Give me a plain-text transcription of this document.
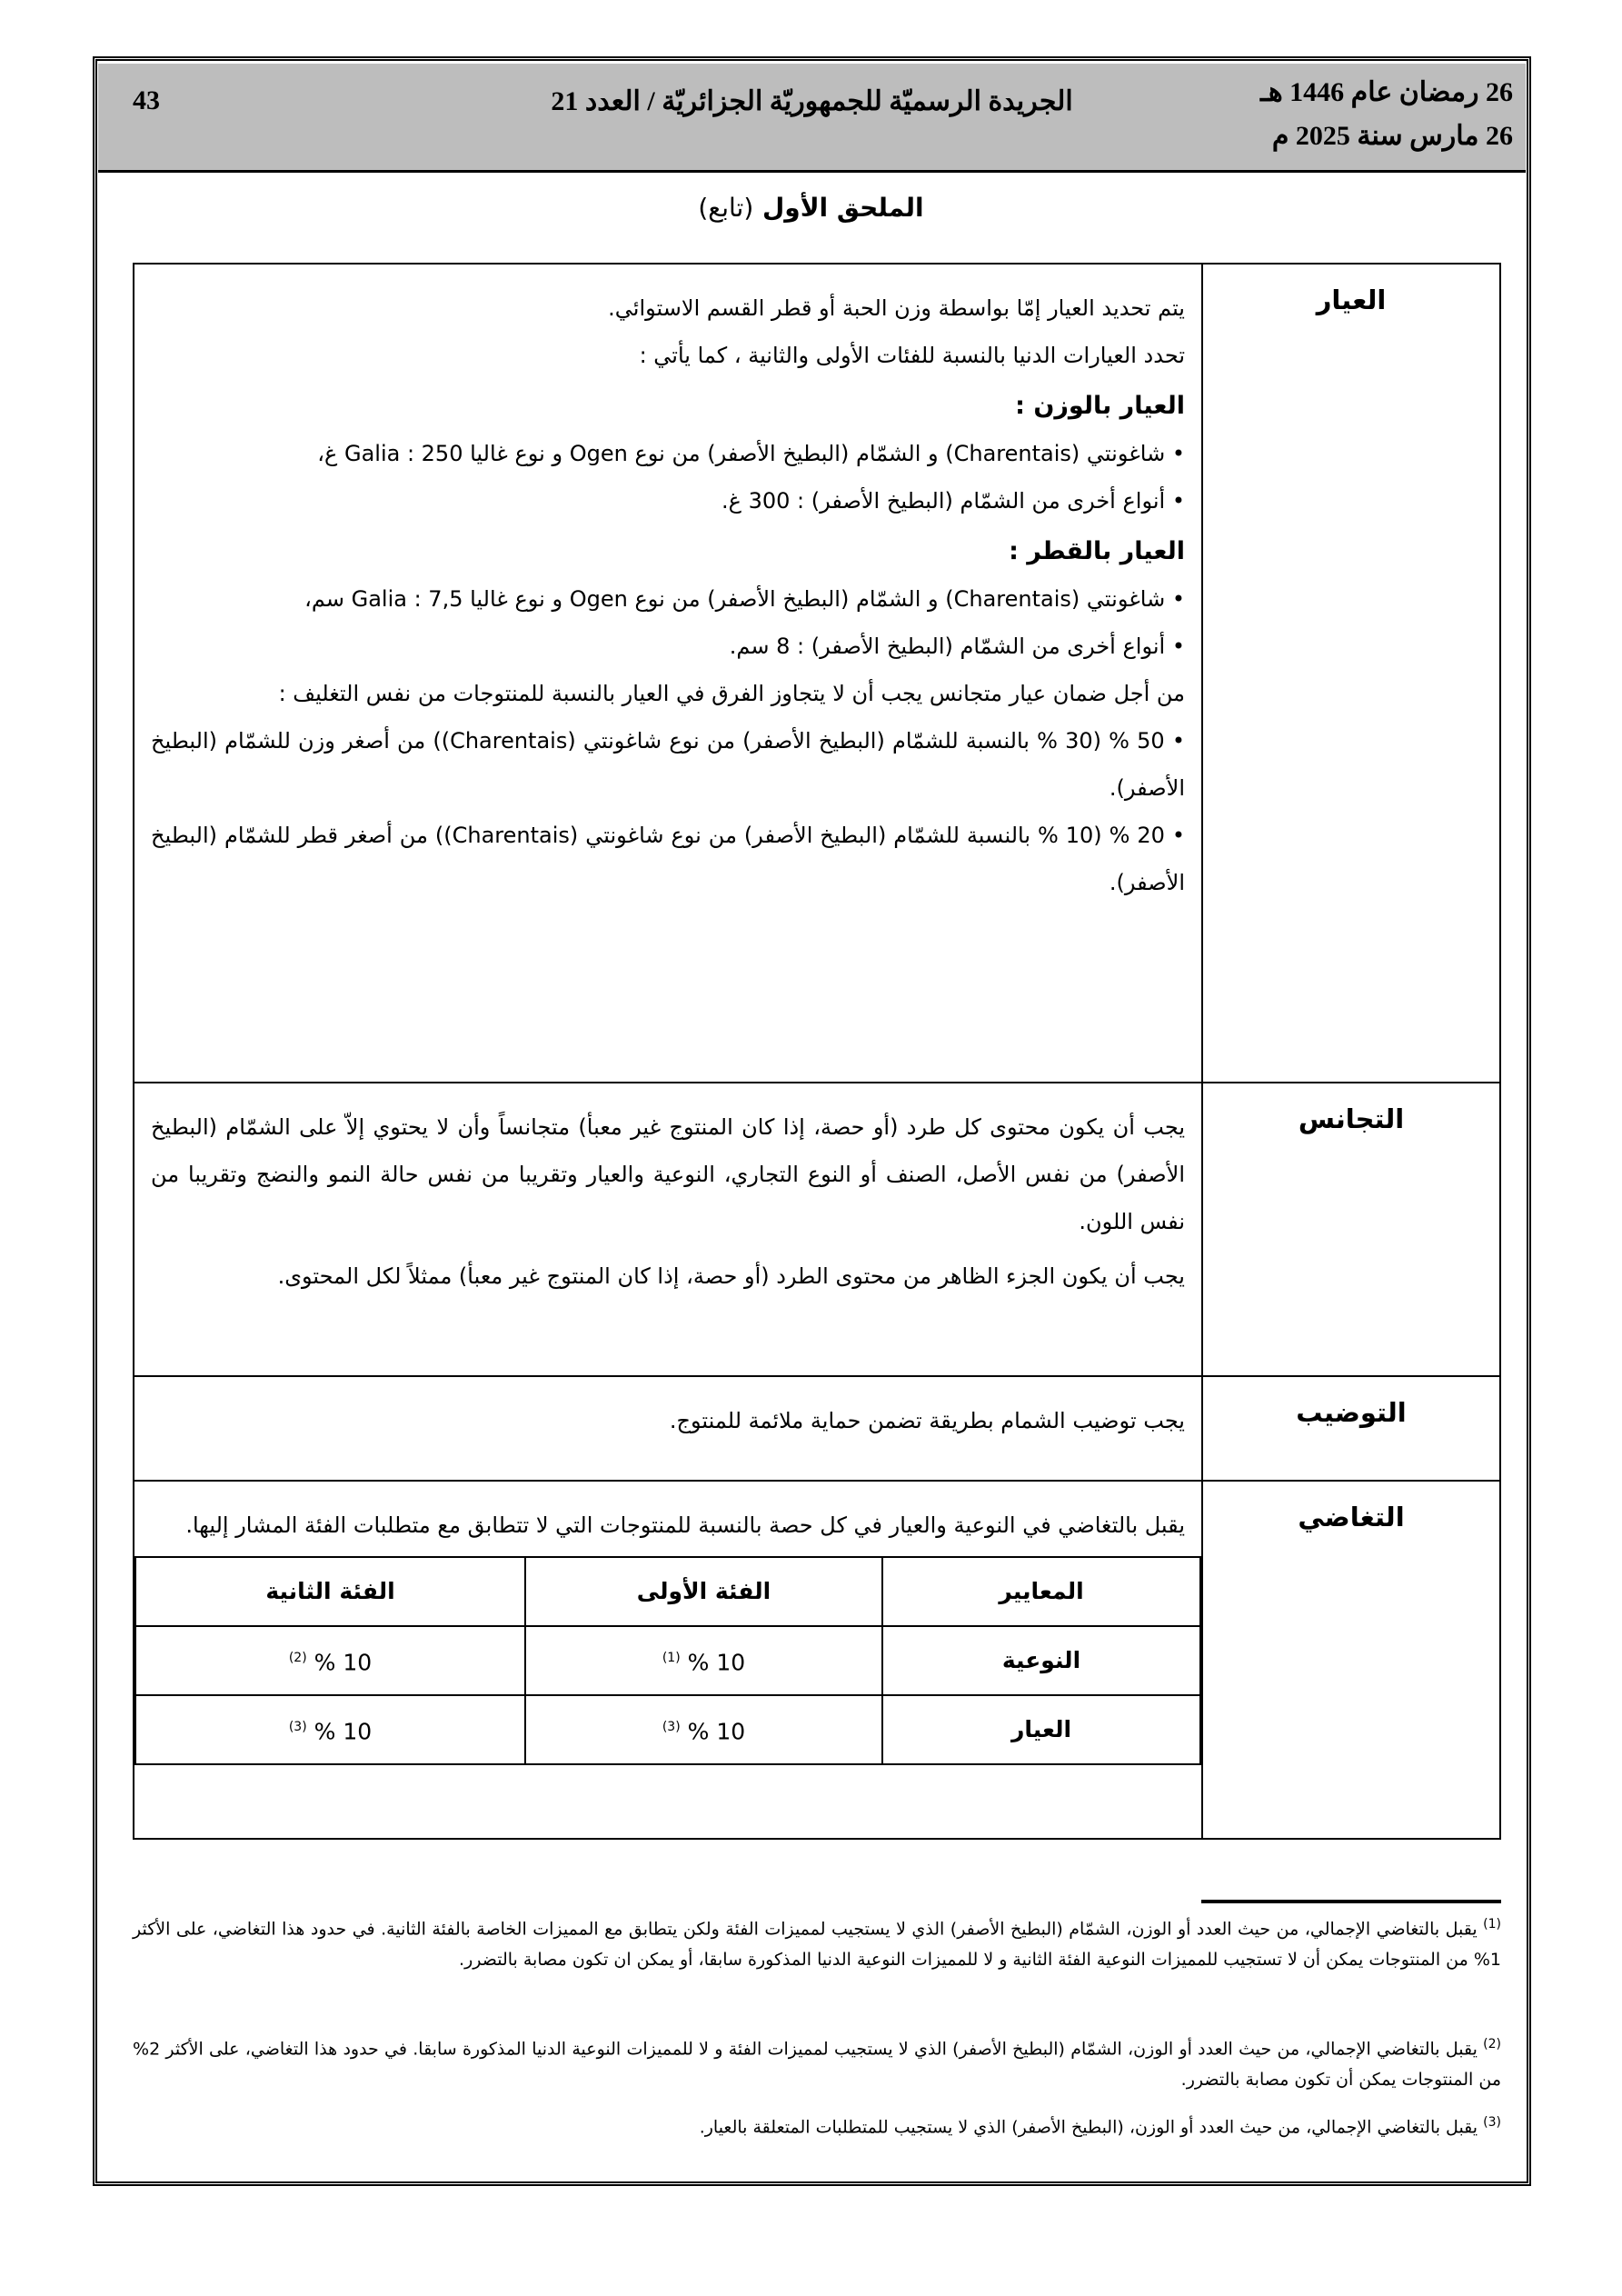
26 رمضان عام 1446 هـ
26 مارس سنة 2025 م
الجريدة الرسميّة للجمهوريّة الجزائريّة / العدد 21
43
الملحق الأول (تابع)
العيار	
يتم تحديد العيار إمّا بواسطة وزن الحبة أو قطر القسم الاستوائي.
تحدد العيارات الدنيا بالنسبة للفئات الأولى والثانية ، كما يأتي :
العيار بالوزن :
• شاغونتي (Charentais) و الشمّام (البطيخ الأصفر) من نوع Ogen و نوع غاليا Galia : 250 غ،
• أنواع أخرى من الشمّام (البطيخ الأصفر) : 300 غ.
العيار بالقطر :
• شاغونتي (Charentais) و الشمّام (البطيخ الأصفر) من نوع Ogen و نوع غاليا Galia : 7,5 سم،
• أنواع أخرى من الشمّام (البطيخ الأصفر) : 8 سم.
من أجل ضمان عيار متجانس يجب أن لا يتجاوز الفرق في العيار بالنسبة للمنتوجات من نفس التغليف :
• 50 % (30 % بالنسبة للشمّام (البطيخ الأصفر) من نوع شاغونتي (Charentais)) من أصغر وزن للشمّام (البطيخ الأصفر).
• 20 % (10 % بالنسبة للشمّام (البطيخ الأصفر) من نوع شاغونتي (Charentais)) من أصغر قطر للشمّام (البطيخ الأصفر).

التجانس	
يجب أن يكون محتوى كل طرد (أو حصة، إذا كان المنتوج غير معبأ) متجانساً وأن لا يحتوي إلاّ على الشمّام (البطيخ الأصفر) من نفس الأصل، الصنف أو النوع التجاري، النوعية والعيار وتقريبا من نفس حالة النمو والنضج وتقريبا من نفس اللون.
يجب أن يكون الجزء الظاهر من محتوى الطرد (أو حصة، إذا كان المنتوج غير معبأ) ممثلاً لكل المحتوى.

التوضيب	
يجب توضيب الشمام بطريقة تضمن حماية ملائمة للمنتوج.

التغاضي	
يقبل بالتغاضي في النوعية والعيار في كل حصة بالنسبة للمنتوجات التي لا تتطابق مع متطلبات الفئة المشار إليها.
المعايير	الفئة الأولى	الفئة الثانية
النوعية	10 % $^{(1)}$	10 % $^{(2)}$
العيار	10 % $^{(3)}$	10 % $^{(3)}$
$^{(1)}$ يقبل بالتغاضي الإجمالي، من حيث العدد أو الوزن، الشمّام (البطيخ الأصفر) الذي لا يستجيب لمميزات الفئة ولكن يتطابق مع المميزات الخاصة بالفئة الثانية. في حدود هذا التغاضي، على الأكثر 1% من المنتوجات يمكن أن لا تستجيب للمميزات النوعية الفئة الثانية و لا للمميزات النوعية الدنيا المذكورة سابقا، أو يمكن ان تكون مصابة بالتضرر.
$^{(2)}$ يقبل بالتغاضي الإجمالي، من حيث العدد أو الوزن، الشمّام (البطيخ الأصفر) الذي لا يستجيب لمميزات الفئة و لا للمميزات النوعية الدنيا المذكورة سابقا. في حدود هذا التغاضي، على الأكثر 2% من المنتوجات يمكن أن تكون مصابة بالتضرر.
$^{(3)}$ يقبل بالتغاضي الإجمالي، من حيث العدد أو الوزن، (البطيخ الأصفر) الذي لا يستجيب للمتطلبات المتعلقة بالعيار.
